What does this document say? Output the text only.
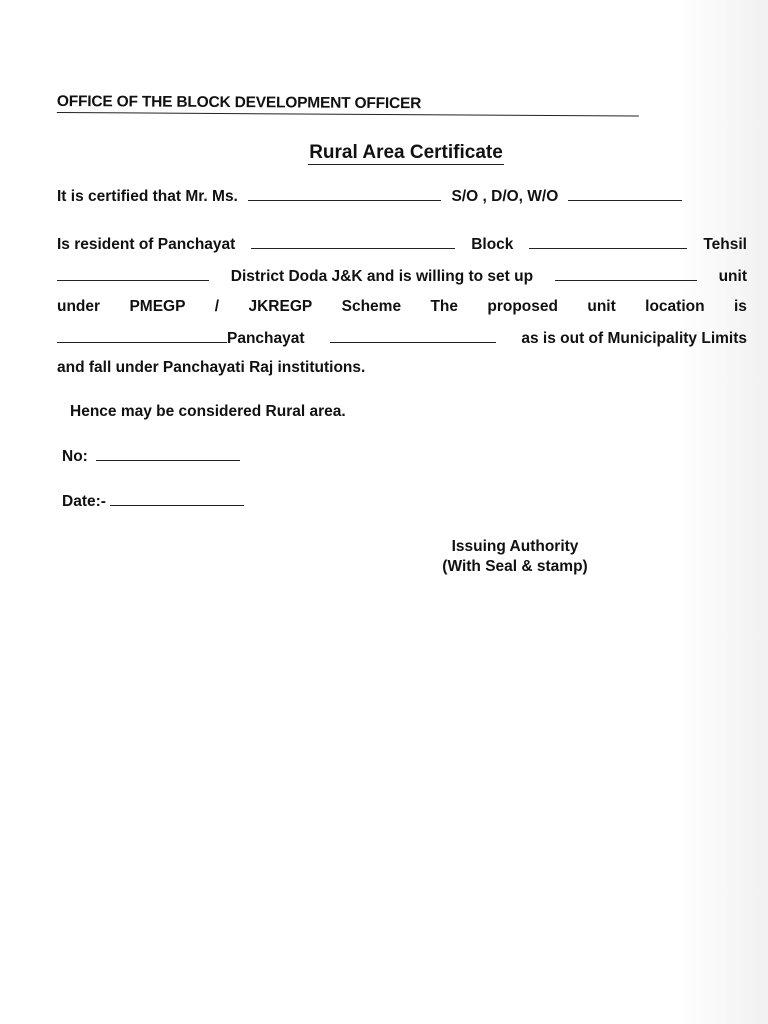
OFFICE OF THE BLOCK DEVELOPMENT OFFICER
Rural Area Certificate
It is certified that Mr. Ms.	S/O , D/O, W/O
Is resident of Panchayat	Block	Tehsil
District Doda J&K and is willing to set up	unit
under PMEGP / JKREGP Scheme The proposed unit location is
Panchayat	as is out of Municipality Limits
and fall under Panchayati Raj institutions.
Hence may be considered Rural area.
No:
Date:-
Issuing Authority
(With Seal & stamp)
